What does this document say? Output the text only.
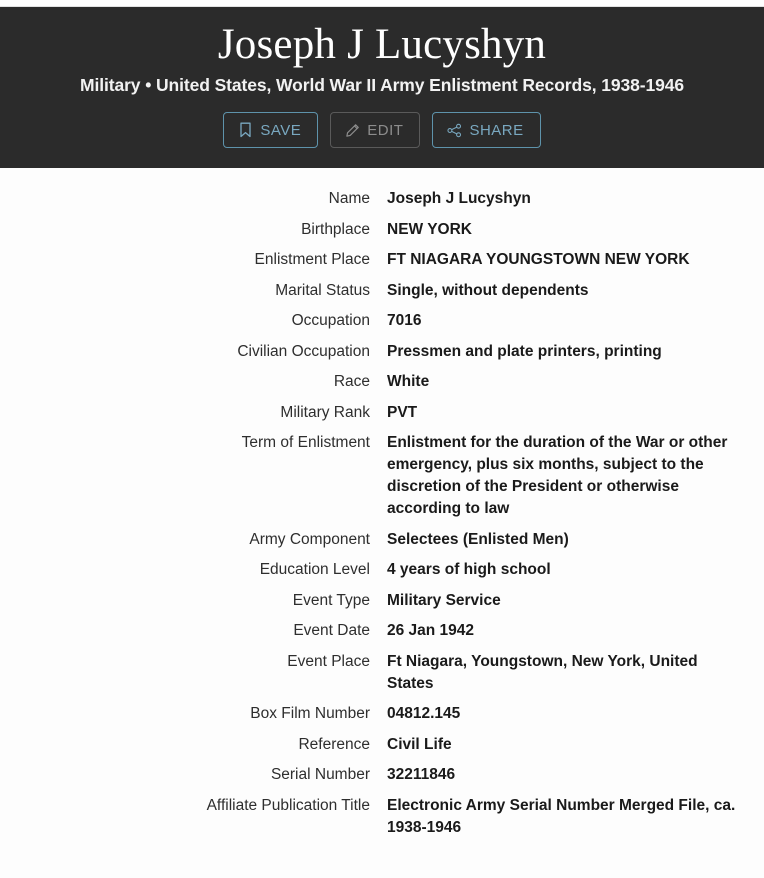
Joseph J Lucyshyn
Military • United States, World War II Army Enlistment Records, 1938-1946
SAVE	EDIT	SHARE
Name	Joseph J Lucyshyn
Birthplace	NEW YORK
Enlistment Place	FT NIAGARA YOUNGSTOWN NEW YORK
Marital Status	Single, without dependents
Occupation	7016
Civilian Occupation	Pressmen and plate printers, printing
Race	White
Military Rank	PVT
Term of Enlistment	Enlistment for the duration of the War or other emergency, plus six months, subject to the discretion of the President or otherwise according to law
Army Component	Selectees (Enlisted Men)
Education Level	4 years of high school
Event Type	Military Service
Event Date	26 Jan 1942
Event Place	Ft Niagara, Youngstown, New York, United States
Box Film Number	04812.145
Reference	Civil Life
Serial Number	32211846
Affiliate Publication Title	Electronic Army Serial Number Merged File, ca. 1938-1946
